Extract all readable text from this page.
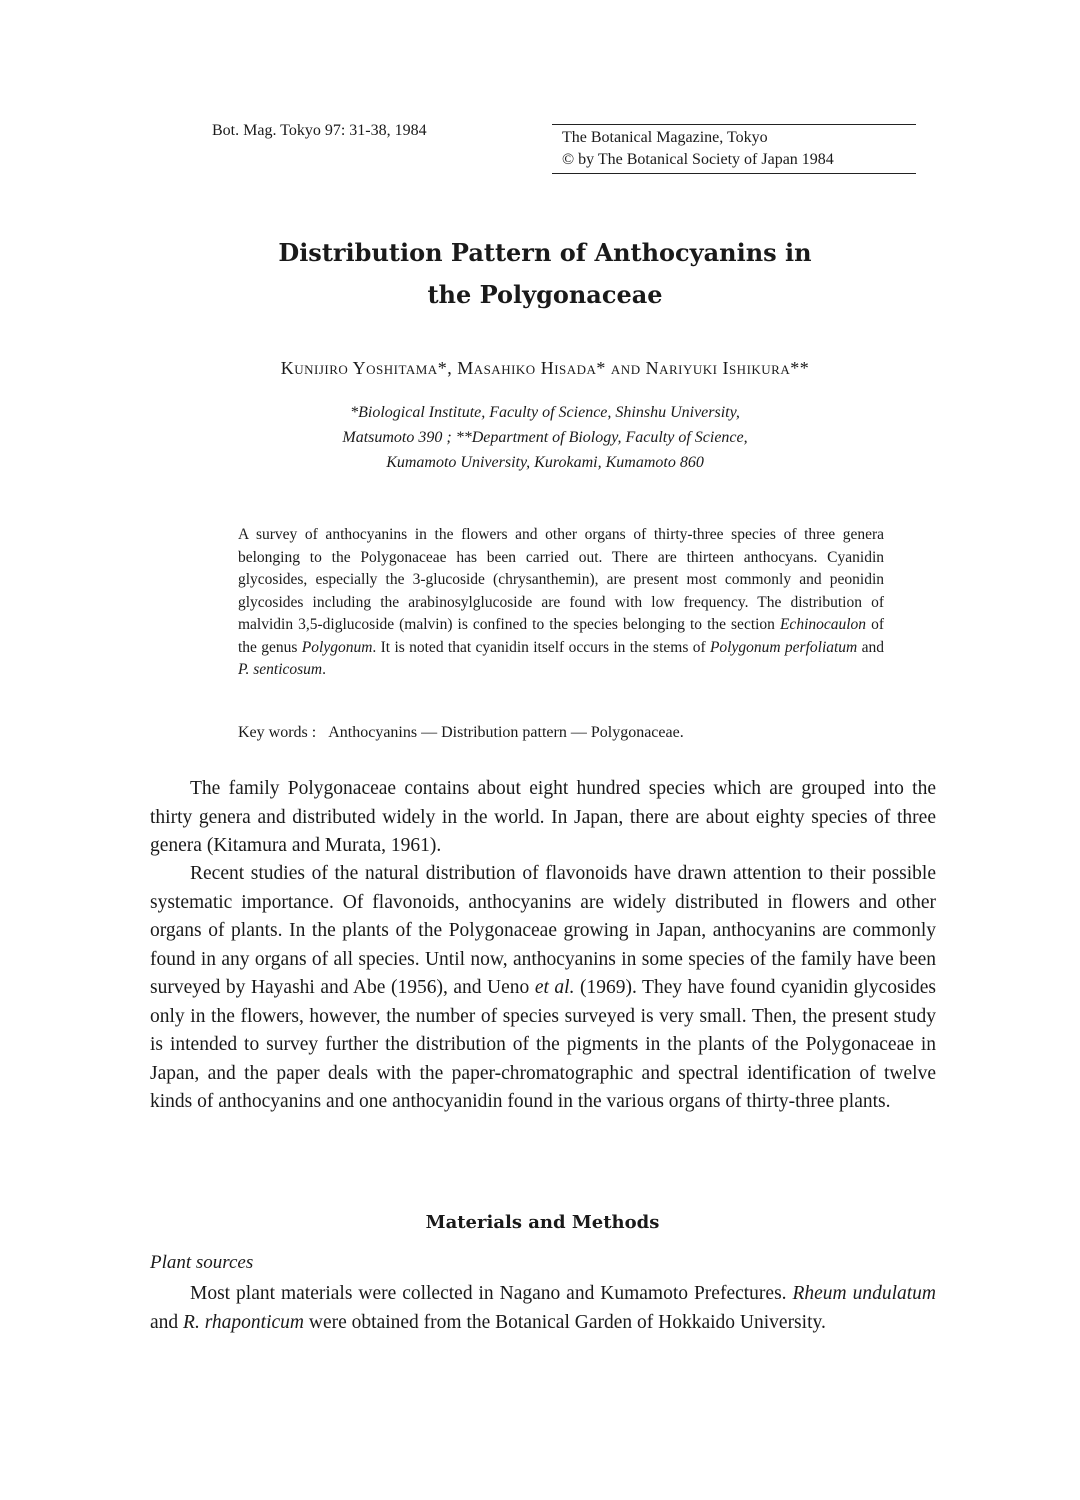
Bot. Mag. Tokyo 97: 31-38, 1984	The Botanical Magazine, Tokyo
© by The Botanical Society of Japan 1984
Distribution Pattern of Anthocyanins in
the Polygonaceae
Kunijiro Yoshitama*, Masahiko Hisada* and Nariyuki Ishikura**
*Biological Institute, Faculty of Science, Shinshu University,
Matsumoto 390 ; **Department of Biology, Faculty of Science,
Kumamoto University, Kurokami, Kumamoto 860
A survey of anthocyanins in the flowers and other organs of thirty-three species of three genera belonging to the Polygonaceae has been carried out. There are thirteen anthocyans. Cyanidin glycosides, especially the 3-glucoside (chrysanthemin), are present most commonly and peonidin glycosides including the arabinosylglucoside are found with low frequency. The distribution of malvidin 3,5-diglucoside (malvin) is confined to the species belonging to the section Echinocaulon of the genus Polygonum. It is noted that cyanidin itself occurs in the stems of Polygonum perfoliatum and P. senticosum.
Key words : Anthocyanins — Distribution pattern — Polygonaceae.
The family Polygonaceae contains about eight hundred species which are grouped into the thirty genera and distributed widely in the world. In Japan, there are about eighty species of three genera (Kitamura and Murata, 1961).
Recent studies of the natural distribution of flavonoids have drawn attention to their possible systematic importance. Of flavonoids, anthocyanins are widely distributed in flowers and other organs of plants. In the plants of the Polygonaceae growing in Japan, anthocyanins are commonly found in any organs of all species. Until now, anthocyanins in some species of the family have been surveyed by Hayashi and Abe (1956), and Ueno et al. (1969). They have found cyanidin glycosides only in the flowers, however, the number of species surveyed is very small. Then, the present study is intended to survey further the distribution of the pigments in the plants of the Polygonaceae in Japan, and the paper deals with the paper-chromatographic and spectral identification of twelve kinds of anthocyanins and one anthocyanidin found in the various organs of thirty-three plants.
Materials and Methods
Plant sources
Most plant materials were collected in Nagano and Kumamoto Prefectures. Rheum undulatum and R. rhaponticum were obtained from the Botanical Garden of Hokkaido University.
